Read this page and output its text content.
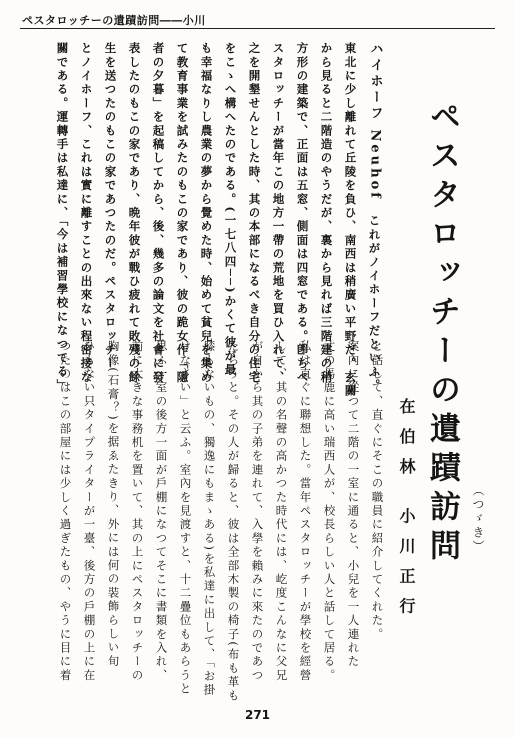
ペスタロッチーの遺蹟訪問――小川
ハイホーフ Neuhof　これがノイホーフだといふ。
東北に少し離れて丘陵を負ひ、南西は稍廣い平野だ。玄關
から見ると二階造のやうだが、裏から見れば三階建の稍
方形の建築で、正面は五窓、側面は四窓である。卽ちペ
スタロッチーが當年この地方一帶の荒地を買ひ入れて、
之を開墾せんとした時、其の本部になるべき自分の住宅
をこゝへ構へたのである。(一七八四──)かくて彼が最
も幸福なりし農業の夢から覺めた時、始めて貧兒を集め
て教育事業を試みたのもこの家であり、彼の跪女作「隱
者の夕暮」を起稿してから、後、幾多の論文を社會に發
表したのもこの家であり、晩年彼が戰ひ疲れて敗殘の餘
生を送つたのもこの家であつたのだ。ペスタロッチー
とノイホーフ、これは實に離すことの出來ない程密接な
關である。運轉手は私達に、「今は補習學校になつてる」	ペスタロッチーの遺蹟訪問 （つゞき）
在伯林 小川正行
と話して、直ぐにそこの職員に紹介してくれた。
案內に從つて二階の一室に通ると、小兒を一人連れた
丈の馬鹿に高い瑞西人が、校長らしい人と話して居る。
私は直ぐに聯想した。當年ペスタロッチーが學校を經營
して、其の名聲の高かつた時代には、屹度こんなに父兄
が自から其の子弟を連れて、入學を賴みに來たのであつ
たらうと。その人が歸ると、彼は全部木製の椅子(布も革も
膝もないもの、獨逸にもまゝある)を私達に出して、「お掛
けなさい」と云ふ。室內を見渡すと、十二疊位もあらうと
思ふ一室の後方一面が戶棚になつてそこに書類を入れ、
前に大きな事務机を置いて、其の上にペスタロッチーの
胸像(石膏？)を据ゑたきり、外には何の裝飾らしい旬
ひもない只タイプライターが一臺、後方の戶棚の上に在
つたのはこの部屋には少しく過ぎたもの、やうに目に着
271
